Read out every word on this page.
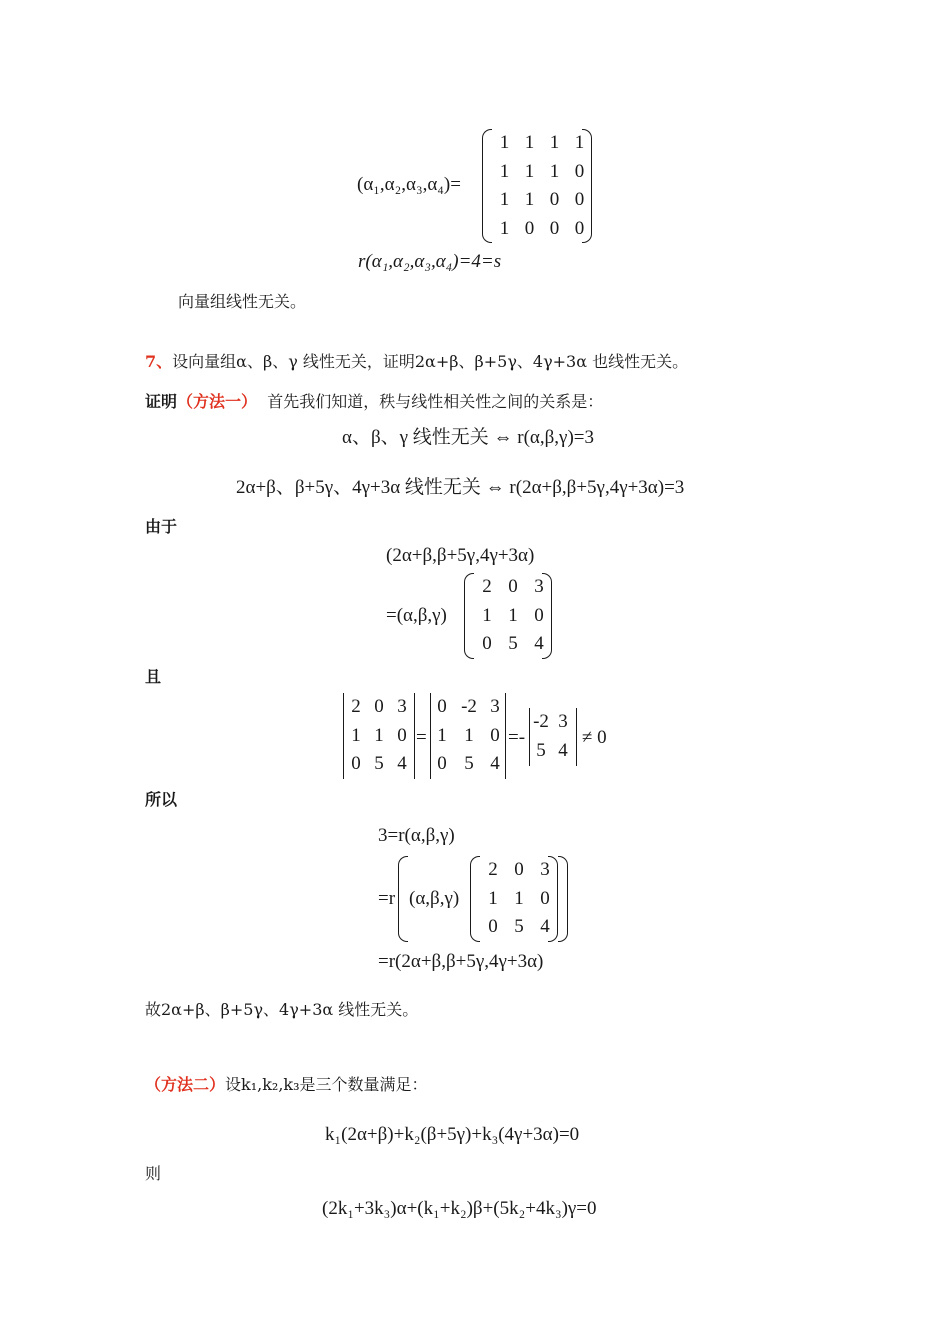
(α₁,α₂,α₃,α₄)=
1	1	1	1
1	1	1	0
1	1	0	0
1	0	0	0
r(α₁,α₂,α₃,α₄)=4=s
向量组线性无关。
7、设向量组α、β、γ 线性无关，证明2α+β、β+5γ、4γ+3α 也线性无关。
证明（方法一） 首先我们知道，秩与线性相关性之间的关系是：
α、β、γ 线性无关 ⇔ r(α,β,γ)=3
2α+β、β+5γ、4γ+3α 线性无关 ⇔ r(2α+β,β+5γ,4γ+3α)=3
由于
(2α+β,β+5γ,4γ+3α)
=(α,β,γ)
2	0	3
1	1	0
0	5	4
且
2	0	3
1	1	0
0	5	4
=
0	-2	3
1	1	0
0	5	4
=-
-2	3
5	4
≠ 0
所以
3=r(α,β,γ)
=r (α,β,γ)
2	0	3
1	1	0
0	5	4
=r(2α+β,β+5γ,4γ+3α)
故2α+β、β+5γ、4γ+3α 线性无关。
（方法二）设k₁,k₂,k₃是三个数量满足：
k₁(2α+β)+k₂(β+5γ)+k₃(4γ+3α)=0
则
(2k₁+3k₃)α+(k₁+k₂)β+(5k₂+4k₃)γ=0
